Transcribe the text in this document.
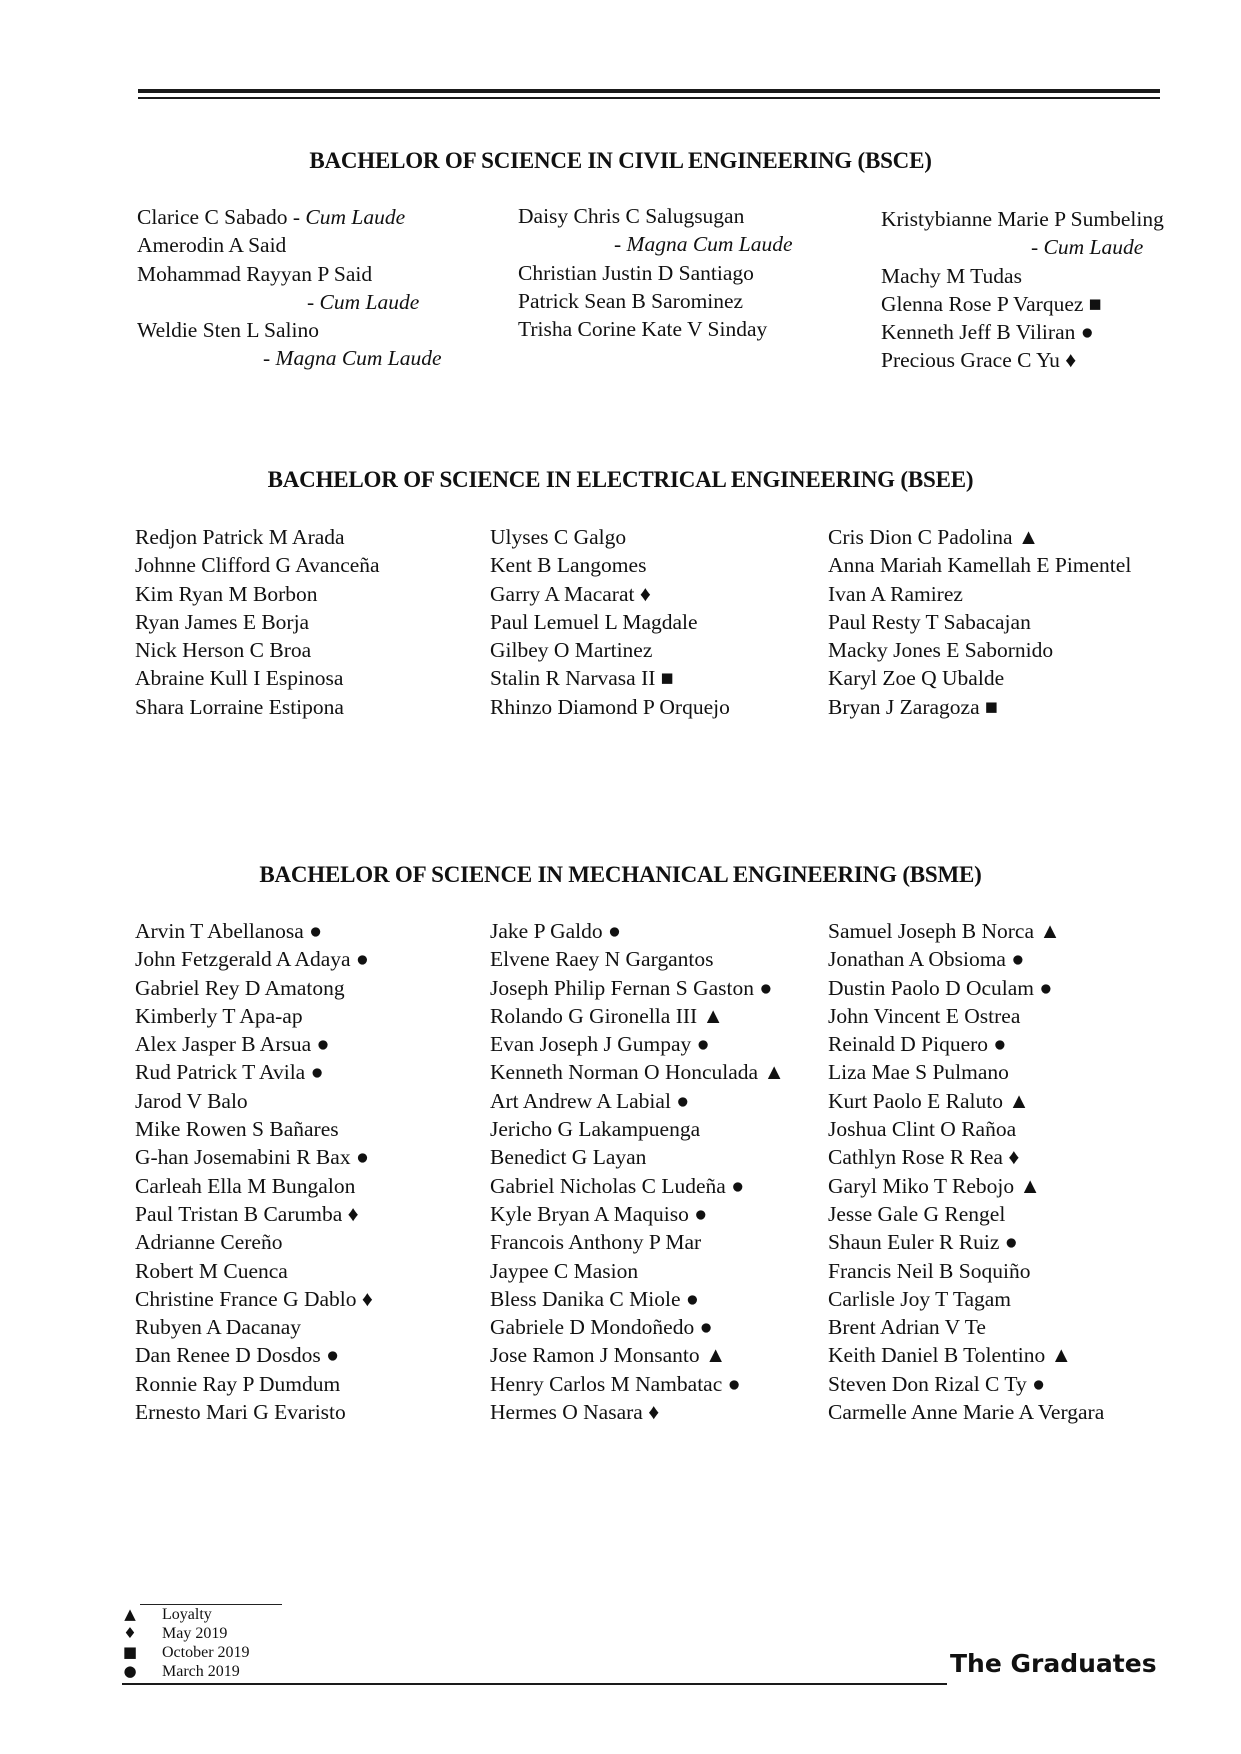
BACHELOR OF SCIENCE IN CIVIL ENGINEERING (BSCE)
Clarice C Sabado - Cum Laude
Amerodin A Said
Mohammad Rayyan P Said
- Cum Laude
Weldie Sten L Salino
- Magna Cum Laude
Daisy Chris C Salugsugan
- Magna Cum Laude
Christian Justin D Santiago
Patrick Sean B Sarominez
Trisha Corine Kate V Sinday
Kristybianne Marie P Sumbeling
- Cum Laude
Machy M Tudas
Glenna Rose P Varquez ■
Kenneth Jeff B Viliran ●
Precious Grace C Yu ♦
BACHELOR OF SCIENCE IN ELECTRICAL ENGINEERING (BSEE)
Redjon Patrick M Arada
Johnne Clifford G Avanceña
Kim Ryan M Borbon
Ryan James E Borja
Nick Herson C Broa
Abraine Kull I Espinosa
Shara Lorraine Estipona
Ulyses C Galgo
Kent B Langomes
Garry A Macarat ♦
Paul Lemuel L Magdale
Gilbey O Martinez
Stalin R Narvasa II ■
Rhinzo Diamond P Orquejo
Cris Dion C Padolina ▲
Anna Mariah Kamellah E Pimentel
Ivan A Ramirez
Paul Resty T Sabacajan
Macky Jones E Sabornido
Karyl Zoe Q Ubalde
Bryan J Zaragoza ■
BACHELOR OF SCIENCE IN MECHANICAL ENGINEERING (BSME)
Arvin T Abellanosa ●
John Fetzgerald A Adaya ●
Gabriel Rey D Amatong
Kimberly T Apa-ap
Alex Jasper B Arsua ●
Rud Patrick T Avila ●
Jarod V Balo
Mike Rowen S Bañares
G-han Josemabini R Bax ●
Carleah Ella M Bungalon
Paul Tristan B Carumba ♦
Adrianne Cereño
Robert M Cuenca
Christine France G Dablo ♦
Rubyen A Dacanay
Dan Renee D Dosdos ●
Ronnie Ray P Dumdum
Ernesto Mari G Evaristo
Jake P Galdo ●
Elvene Raey N Gargantos
Joseph Philip Fernan S Gaston ●
Rolando G Gironella III ▲
Evan Joseph J Gumpay ●
Kenneth Norman O Honculada ▲
Art Andrew A Labial ●
Jericho G Lakampuenga
Benedict G Layan
Gabriel Nicholas C Ludeña ●
Kyle Bryan A Maquiso ●
Francois Anthony P Mar
Jaypee C Masion
Bless Danika C Miole ●
Gabriele D Mondoñedo ●
Jose Ramon J Monsanto ▲
Henry Carlos M Nambatac ●
Hermes O Nasara ♦
Samuel Joseph B Norca ▲
Jonathan A Obsioma ●
Dustin Paolo D Oculam ●
John Vincent E Ostrea
Reinald D Piquero ●
Liza Mae S Pulmano
Kurt Paolo E Raluto ▲
Joshua Clint O Rañoa
Cathlyn Rose R Rea ♦
Garyl Miko T Rebojo ▲
Jesse Gale G Rengel
Shaun Euler R Ruiz ●
Francis Neil B Soquiño
Carlisle Joy T Tagam
Brent Adrian V Te
Keith Daniel B Tolentino ▲
Steven Don Rizal C Ty ●
Carmelle Anne Marie A Vergara
▲ Loyalty
♦ May 2019
■ October 2019
● March 2019	The Graduates
